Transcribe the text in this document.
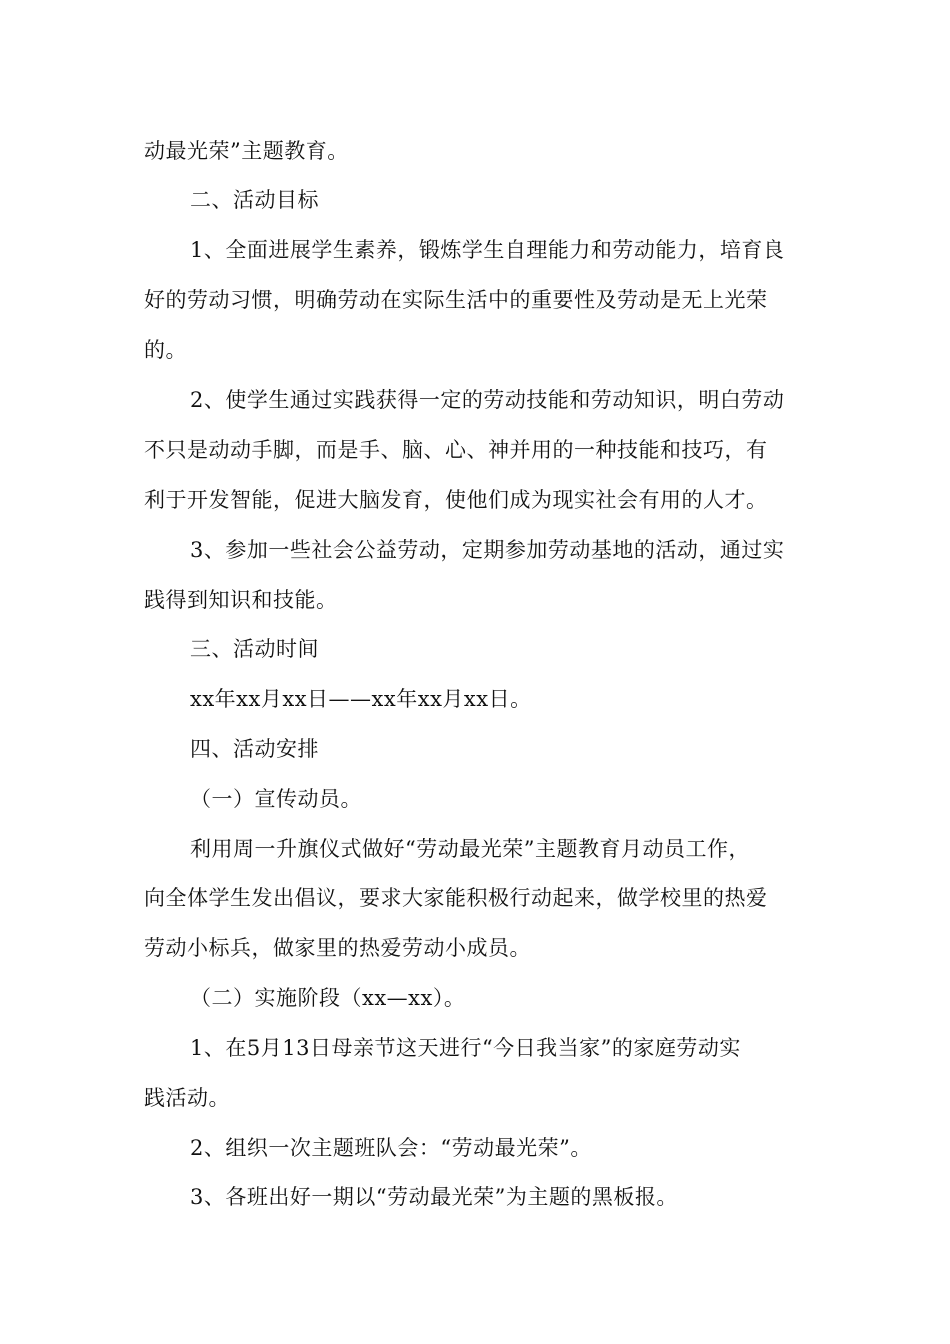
动最光荣”主题教育。
二、活动目标
1、全面进展学生素养，锻炼学生自理能力和劳动能力，培育良
好的劳动习惯，明确劳动在实际生活中的重要性及劳动是无上光荣
的。
2、使学生通过实践获得一定的劳动技能和劳动知识，明白劳动
不只是动动手脚，而是手、脑、心、神并用的一种技能和技巧，有
利于开发智能，促进大脑发育，使他们成为现实社会有用的人才。
3、参加一些社会公益劳动，定期参加劳动基地的活动，通过实
践得到知识和技能。
三、活动时间
xx年xx月xx日——xx年xx月xx日。
四、活动安排
（一）宣传动员。
利用周一升旗仪式做好“劳动最光荣”主题教育月动员工作，
向全体学生发出倡议，要求大家能积极行动起来，做学校里的热爱
劳动小标兵，做家里的热爱劳动小成员。
（二）实施阶段（xx—xx）。
1、在5月13日母亲节这天进行“今日我当家”的家庭劳动实
践活动。
2、组织一次主题班队会：“劳动最光荣”。
3、各班出好一期以“劳动最光荣”为主题的黑板报。
